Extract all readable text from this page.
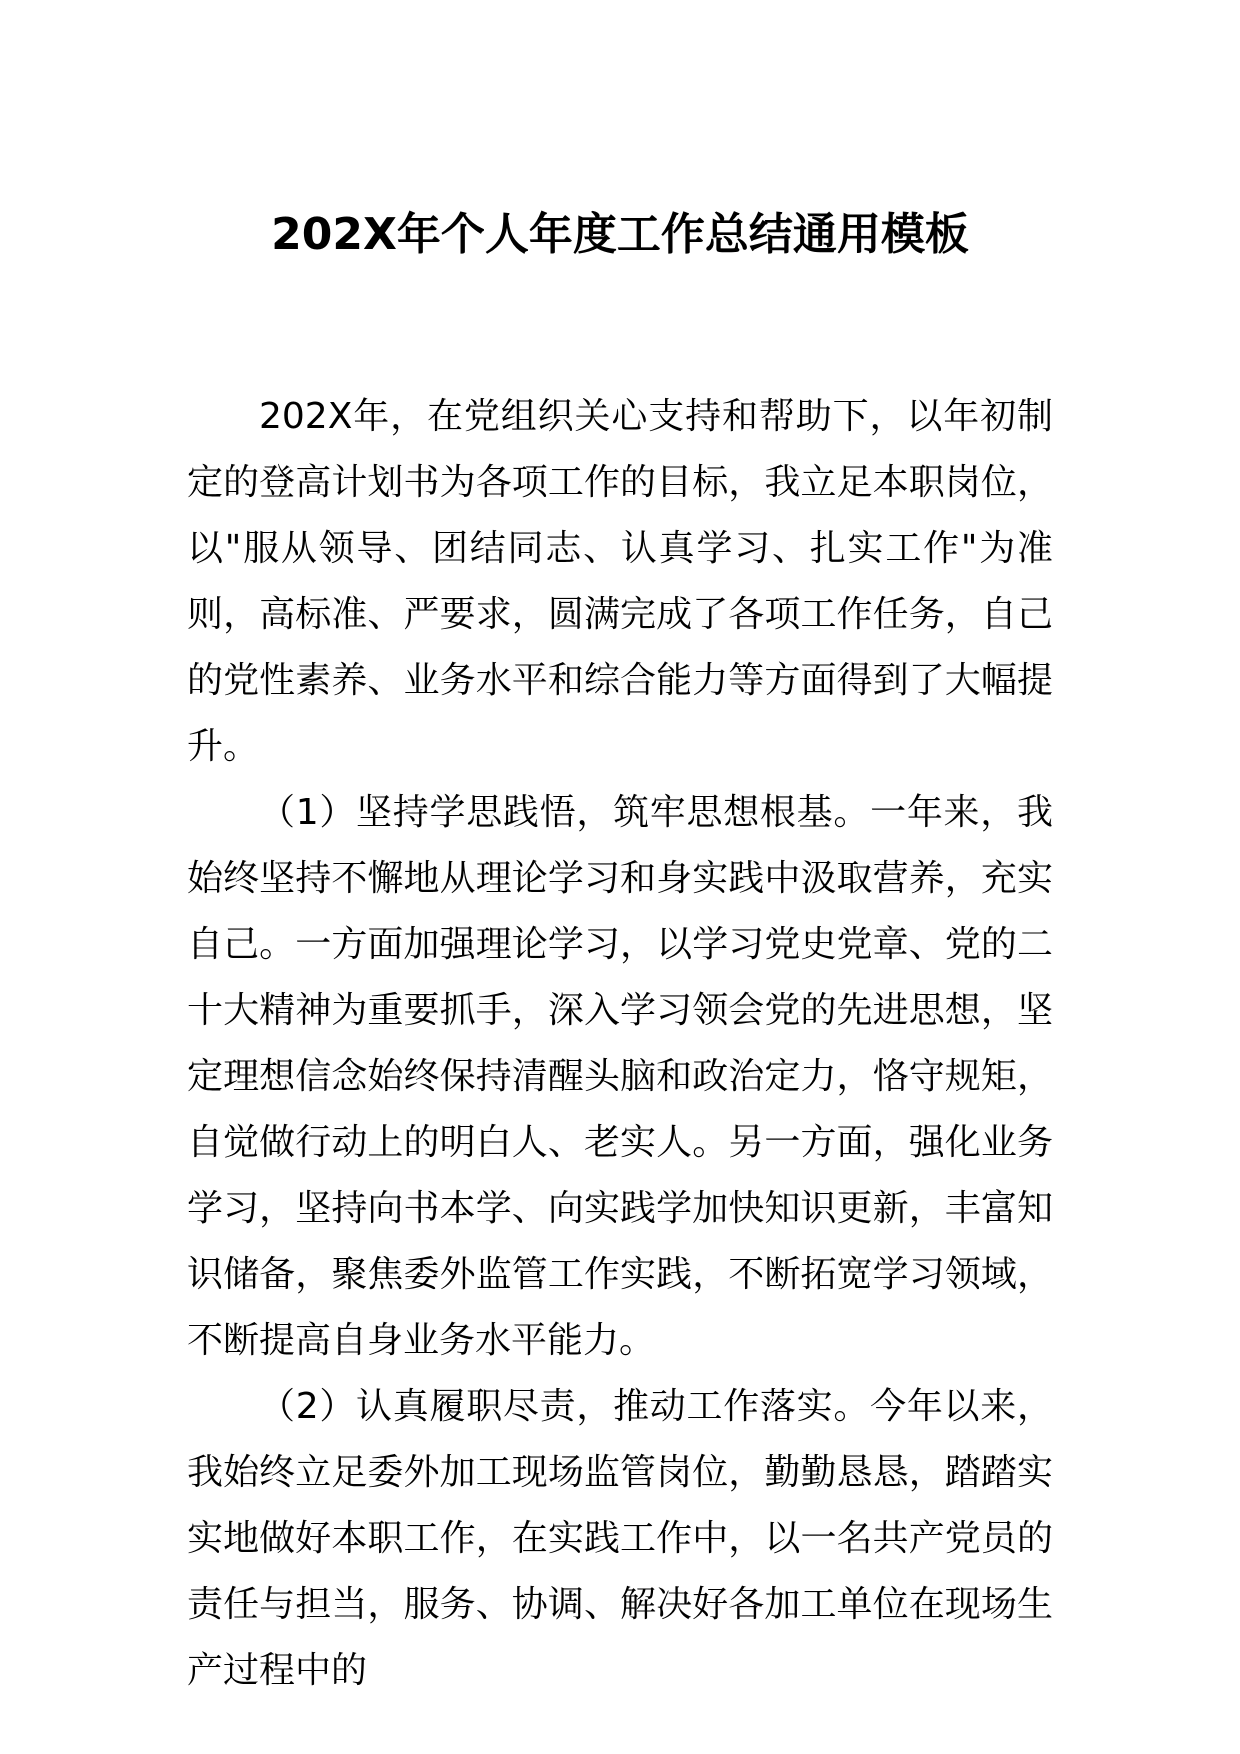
202X年个人年度工作总结通用模板

202X年，在党组织关心支持和帮助下，以年初制定的登高计划书为各项工作的目标，我立足本职岗位，以"服从领导、团结同志、认真学习、扎实工作"为准则，高标准、严要求，圆满完成了各项工作任务，自己的党性素养、业务水平和综合能力等方面得到了大幅提升。

（1）坚持学思践悟，筑牢思想根基。一年来，我始终坚持不懈地从理论学习和身实践中汲取营养，充实自己。一方面加强理论学习，以学习党史党章、党的二十大精神为重要抓手，深入学习领会党的先进思想，坚定理想信念始终保持清醒头脑和政治定力，恪守规矩，自觉做行动上的明白人、老实人。另一方面，强化业务学习，坚持向书本学、向实践学加快知识更新，丰富知识储备，聚焦委外监管工作实践，不断拓宽学习领域，不断提高自身业务水平能力。

（2）认真履职尽责，推动工作落实。今年以来，我始终立足委外加工现场监管岗位，勤勤恳恳，踏踏实实地做好本职工作，在实践工作中，以一名共产党员的责任与担当，服务、协调、解决好各加工单位在现场生产过程中的
